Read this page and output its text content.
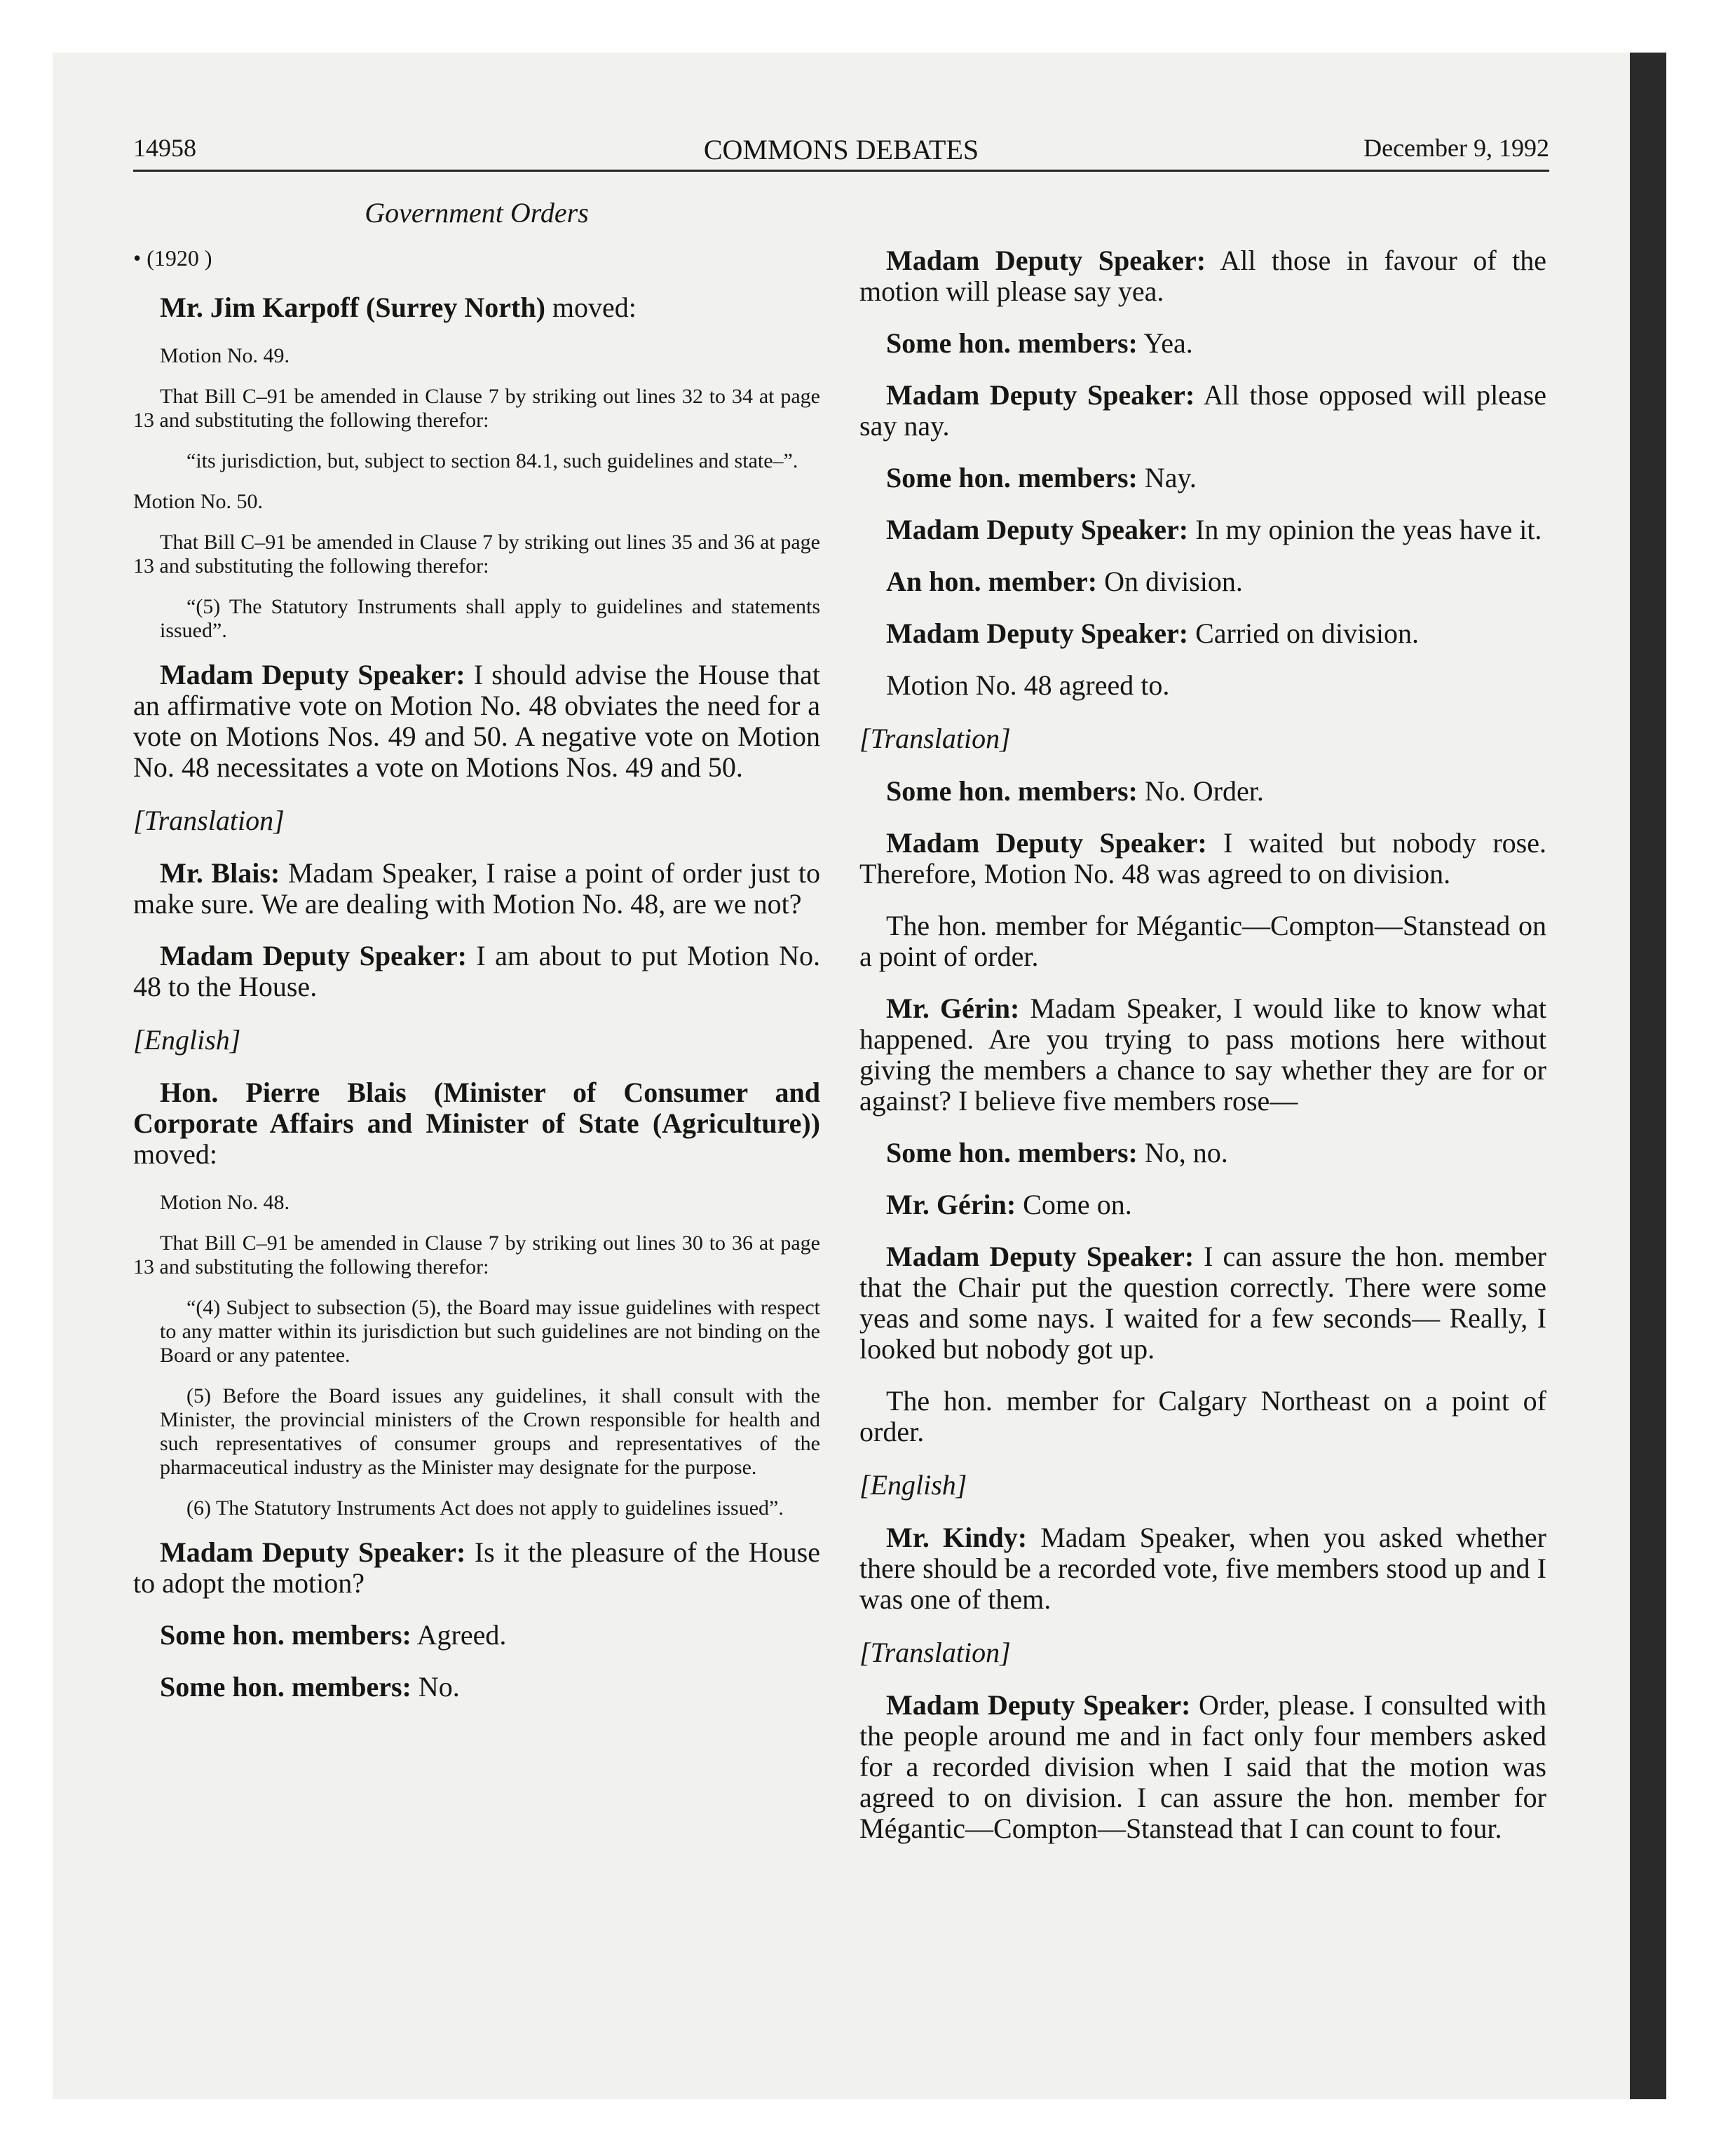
COMMONS DEBATES
14958	December 9, 1992
Government Orders

• (1920 )

Mr. Jim Karpoff (Surrey North) moved:

Motion No. 49.

That Bill C–91 be amended in Clause 7 by striking out lines 32 to 34 at page 13 and substituting the following therefor:

“its jurisdiction, but, subject to section 84.1, such guidelines and state–”.

Motion No. 50.

That Bill C–91 be amended in Clause 7 by striking out lines 35 and 36 at page 13 and substituting the following therefor:

“(5) The Statutory Instruments shall apply to guidelines and statements issued”.

Madam Deputy Speaker: I should advise the House that an affirmative vote on Motion No. 48 obviates the need for a vote on Motions Nos. 49 and 50. A negative vote on Motion No. 48 necessitates a vote on Motions Nos. 49 and 50.

[Translation]

Mr. Blais: Madam Speaker, I raise a point of order just to make sure. We are dealing with Motion No. 48, are we not?

Madam Deputy Speaker: I am about to put Motion No. 48 to the House.

[English]

Hon. Pierre Blais (Minister of Consumer and Corporate Affairs and Minister of State (Agriculture)) moved:

Motion No. 48.

That Bill C–91 be amended in Clause 7 by striking out lines 30 to 36 at page 13 and substituting the following therefor:

“(4) Subject to subsection (5), the Board may issue guidelines with respect to any matter within its jurisdiction but such guidelines are not binding on the Board or any patentee.

(5) Before the Board issues any guidelines, it shall consult with the Minister, the provincial ministers of the Crown responsible for health and such representatives of consumer groups and representatives of the pharmaceutical industry as the Minister may designate for the purpose.

(6) The Statutory Instruments Act does not apply to guidelines issued”.

Madam Deputy Speaker: Is it the pleasure of the House to adopt the motion?

Some hon. members: Agreed.

Some hon. members: No.

Madam Deputy Speaker: All those in favour of the motion will please say yea.

Some hon. members: Yea.

Madam Deputy Speaker: All those opposed will please say nay.

Some hon. members: Nay.

Madam Deputy Speaker: In my opinion the yeas have it.

An hon. member: On division.

Madam Deputy Speaker: Carried on division.

Motion No. 48 agreed to.

[Translation]

Some hon. members: No. Order.

Madam Deputy Speaker: I waited but nobody rose. Therefore, Motion No. 48 was agreed to on division.

The hon. member for Mégantic—Compton—Stanstead on a point of order.

Mr. Gérin: Madam Speaker, I would like to know what happened. Are you trying to pass motions here without giving the members a chance to say whether they are for or against? I believe five members rose—

Some hon. members: No, no.

Mr. Gérin: Come on.

Madam Deputy Speaker: I can assure the hon. member that the Chair put the question correctly. There were some yeas and some nays. I waited for a few seconds— Really, I looked but nobody got up.

The hon. member for Calgary Northeast on a point of order.

[English]

Mr. Kindy: Madam Speaker, when you asked whether there should be a recorded vote, five members stood up and I was one of them.

[Translation]

Madam Deputy Speaker: Order, please. I consulted with the people around me and in fact only four members asked for a recorded division when I said that the motion was agreed to on division. I can assure the hon. member for Mégantic—Compton—Stanstead that I can count to four.
